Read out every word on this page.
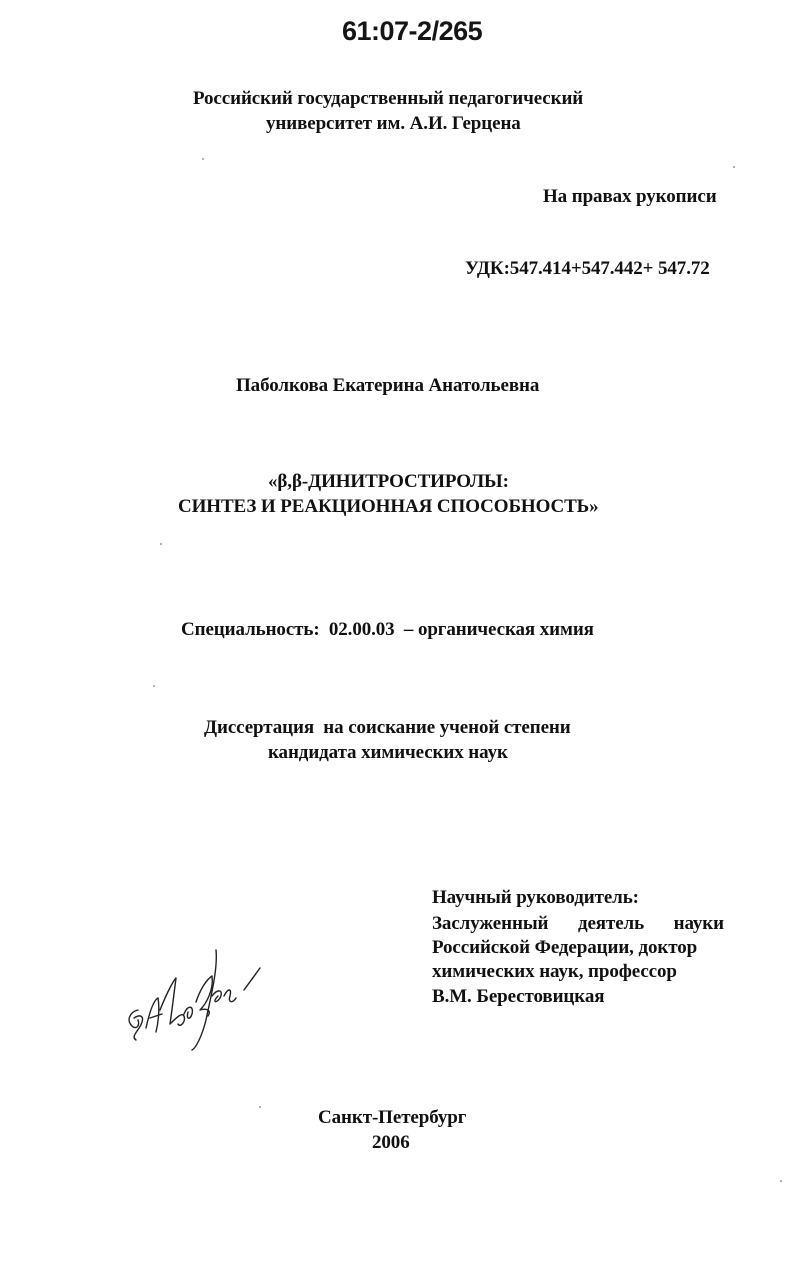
61:07-2/265
Российский государственный педагогический
университет им. А.И. Герцена
На правах рукописи
УДК:547.414+547.442+ 547.72
Паболкова Екатерина Анатольевна
«β,β-ДИНИТРОСТИРОЛЫ:
СИНТЕЗ И РЕАКЦИОННАЯ СПОСОБНОСТЬ»
Специальность: 02.00.03 – органическая химия
Диссертация  на соискание ученой степени
кандидата химических наук
Научный руководитель:
Заслуженный деятель науки
Российской Федерации, доктор
химических наук, профессор
В.М. Берестовицкая
Санкт-Петербург
2006
